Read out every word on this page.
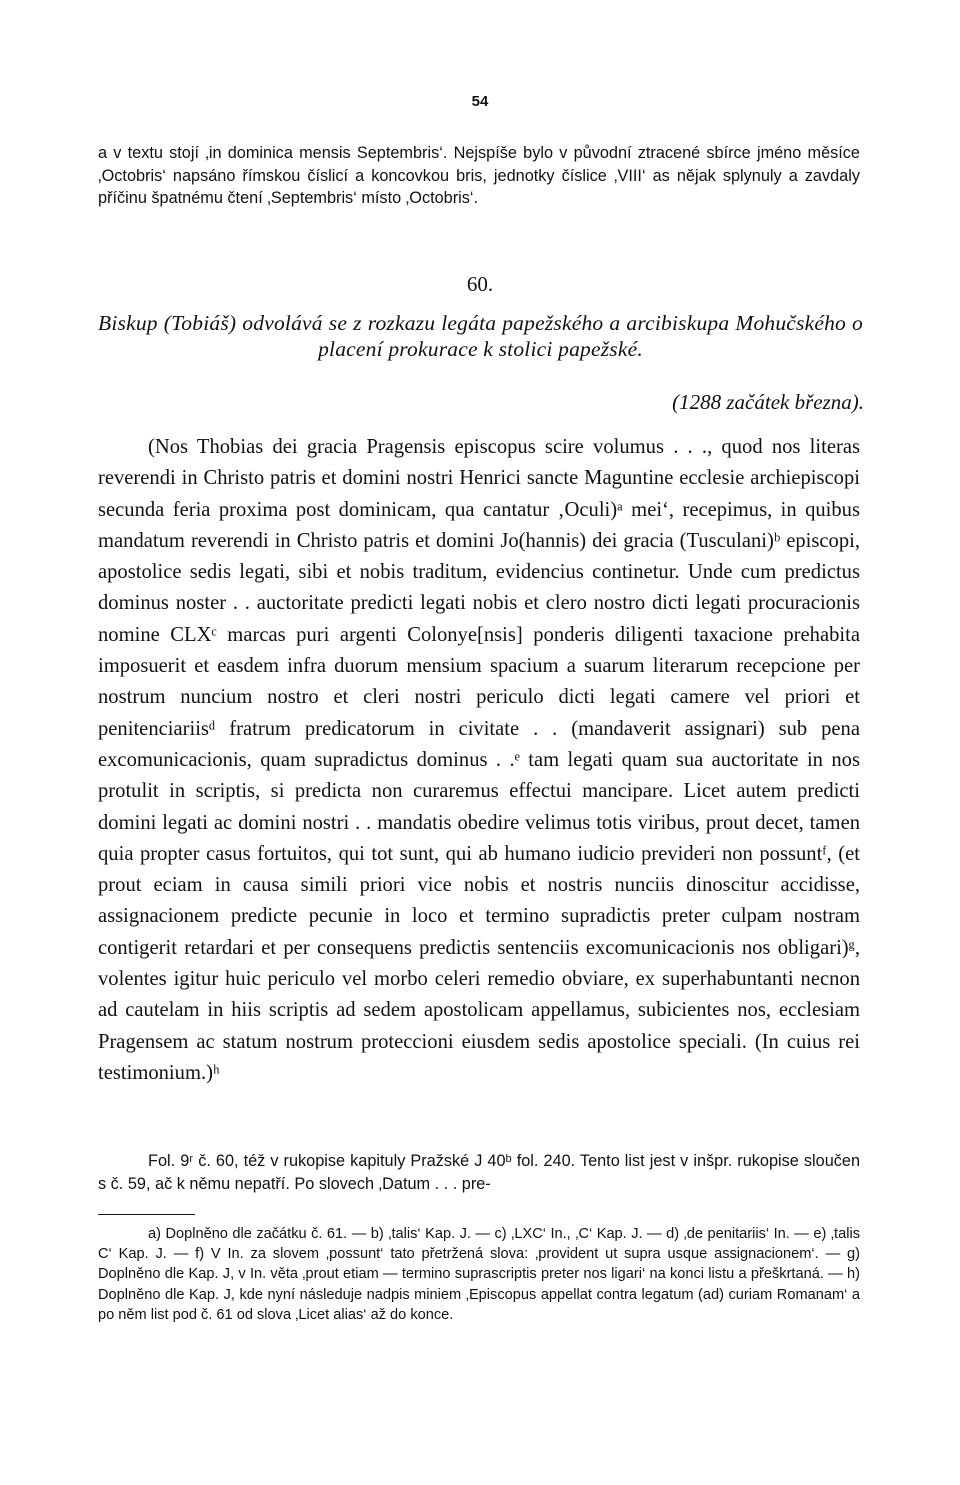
54

a v textu stojí ‚in dominica mensis Septembris‘. Nejspíše bylo v původní ztracené sbírce jméno měsíce ‚Octobris‘ napsáno římskou číslicí a koncovkou bris, jednotky číslice ‚VIII‘ as nějak splynuly a zavdaly příčinu špatnému čtení ‚Septembris‘ místo ‚Octobris‘.

60.

Biskup (Tobiáš) odvolává se z rozkazu legáta papežského a arcibiskupa Mohučského o placení prokurace k stolici papežské.

(1288 začátek března).

(Nos Thobias dei gracia Pragensis episcopus scire volumus . . ., quod nos literas reverendi in Christo patris et domini nostri Henrici sancte Maguntine ecclesie archiepiscopi secunda feria proxima post dominicam, qua cantatur ‚Oculi)ᵃ mei‘, recepimus, in quibus mandatum reverendi in Christo patris et domini Jo(hannis) dei gracia (Tusculani)ᵇ episcopi, apostolice sedis legati, sibi et nobis traditum, evidencius continetur. Unde cum predictus dominus noster . . auctoritate predicti legati nobis et clero nostro dicti legati procuracionis nomine CLXᶜ marcas puri argenti Colonye[nsis] ponderis diligenti taxacione prehabita imposuerit et easdem infra duorum mensium spacium a suarum literarum recepcione per nostrum nuncium nostro et cleri nostri periculo dicti legati camere vel priori et penitenciariisᵈ fratrum predicatorum in civitate . . (mandaverit assignari) sub pena excomunicacionis, quam supradictus dominus . .ᵉ tam legati quam sua auctoritate in nos protulit in scriptis, si predicta non curaremus effectui mancipare. Licet autem predicti domini legati ac domini nostri . . mandatis obedire velimus totis viribus, prout decet, tamen quia propter casus fortuitos, qui tot sunt, qui ab humano iudicio previderi non possuntᶠ, (et prout eciam in causa simili priori vice nobis et nostris nunciis dinoscitur accidisse, assignacionem predicte pecunie in loco et termino supradictis preter culpam nostram contigerit retardari et per consequens predictis sentenciis excomunicacionis nos obligari)ᵍ, volentes igitur huic periculo vel morbo celeri remedio obviare, ex superhabuntanti necnon ad cautelam in hiis scriptis ad sedem apostolicam appellamus, subicientes nos, ecclesiam Pragensem ac statum nostrum proteccioni eiusdem sedis apostolice speciali. (In cuius rei testimonium.)ʰ

Fol. 9ʳ č. 60, též v rukopise kapituly Pražské J 40ᵇ fol. 240. Tento list jest v inšpr. rukopise sloučen s č. 59, ač k němu nepatří. Po slovech ‚Datum . . . pre-

a) Doplněno dle začátku č. 61. — b) ‚talis‘ Kap. J. — c) ‚LXC‘ In., ‚C‘ Kap. J. — d) ‚de penitariis‘ In. — e) ‚talis C‘ Kap. J. — f) V In. za slovem ‚possunt‘ tato přetržená slova: ‚provident ut supra usque assignacionem‘. — g) Doplněno dle Kap. J, v In. věta ‚prout etiam — termino suprascriptis preter nos ligari‘ na konci listu a přeškrtaná. — h) Doplněno dle Kap. J, kde nyní následuje nadpis miniem ‚Episcopus appellat contra legatum (ad) curiam Romanam‘ a po něm list pod č. 61 od slova ‚Licet alias‘ až do konce.
